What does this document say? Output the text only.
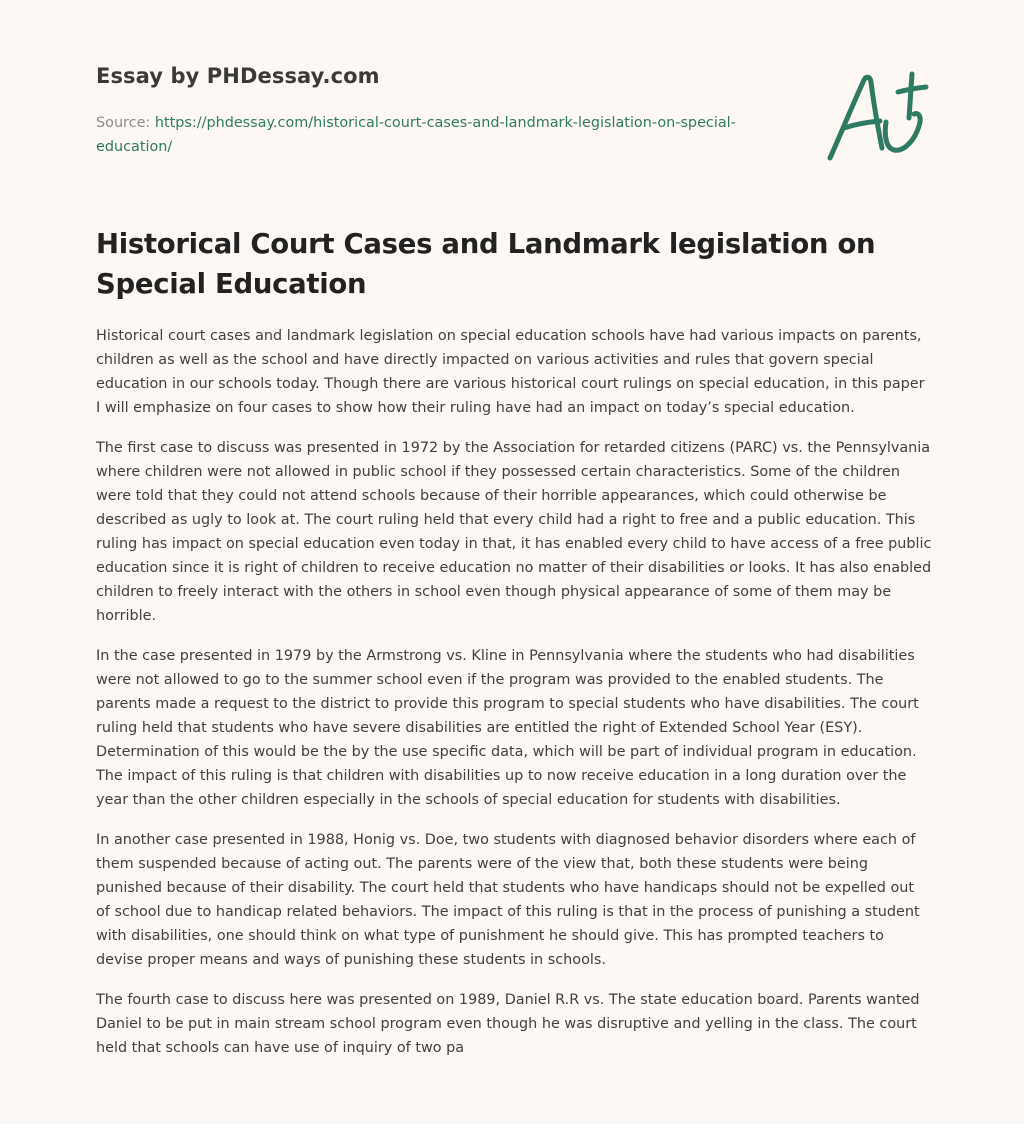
Essay by PHDessay.com
Source: https://phdessay.com/historical-court-cases-and-landmark-legislation-on-special-education/
Historical Court Cases and Landmark legislation on Special Education

Historical court cases and landmark legislation on special education schools have had various impacts on parents, children as well as the school and have directly impacted on various activities and rules that govern special education in our schools today. Though there are various historical court rulings on special education, in this paper I will emphasize on four cases to show how their ruling have had an impact on today’s special education.

The first case to discuss was presented in 1972 by the Association for retarded citizens (PARC) vs. the Pennsylvania where children were not allowed in public school if they possessed certain characteristics. Some of the children were told that they could not attend schools because of their horrible appearances, which could otherwise be described as ugly to look at. The court ruling held that every child had a right to free and a public education. This ruling has impact on special education even today in that, it has enabled every child to have access of a free public education since it is right of children to receive education no matter of their disabilities or looks. It has also enabled children to freely interact with the others in school even though physical appearance of some of them may be horrible.

In the case presented in 1979 by the Armstrong vs. Kline in Pennsylvania where the students who had disabilities were not allowed to go to the summer school even if the program was provided to the enabled students. The parents made a request to the district to provide this program to special students who have disabilities. The court ruling held that students who have severe disabilities are entitled the right of Extended School Year (ESY). Determination of this would be the by the use specific data, which will be part of individual program in education. The impact of this ruling is that children with disabilities up to now receive education in a long duration over the year than the other children especially in the schools of special education for students with disabilities.

In another case presented in 1988, Honig vs. Doe, two students with diagnosed behavior disorders where each of them suspended because of acting out. The parents were of the view that, both these students were being punished because of their disability. The court held that students who have handicaps should not be expelled out of school due to handicap related behaviors. The impact of this ruling is that in the process of punishing a student with disabilities, one should think on what type of punishment he should give. This has prompted teachers to devise proper means and ways of punishing these students in schools.

The fourth case to discuss here was presented on 1989, Daniel R.R vs. The state education board. Parents wanted Daniel to be put in main stream school program even though he was disruptive and yelling in the class. The court held that schools can have use of inquiry of two pa
